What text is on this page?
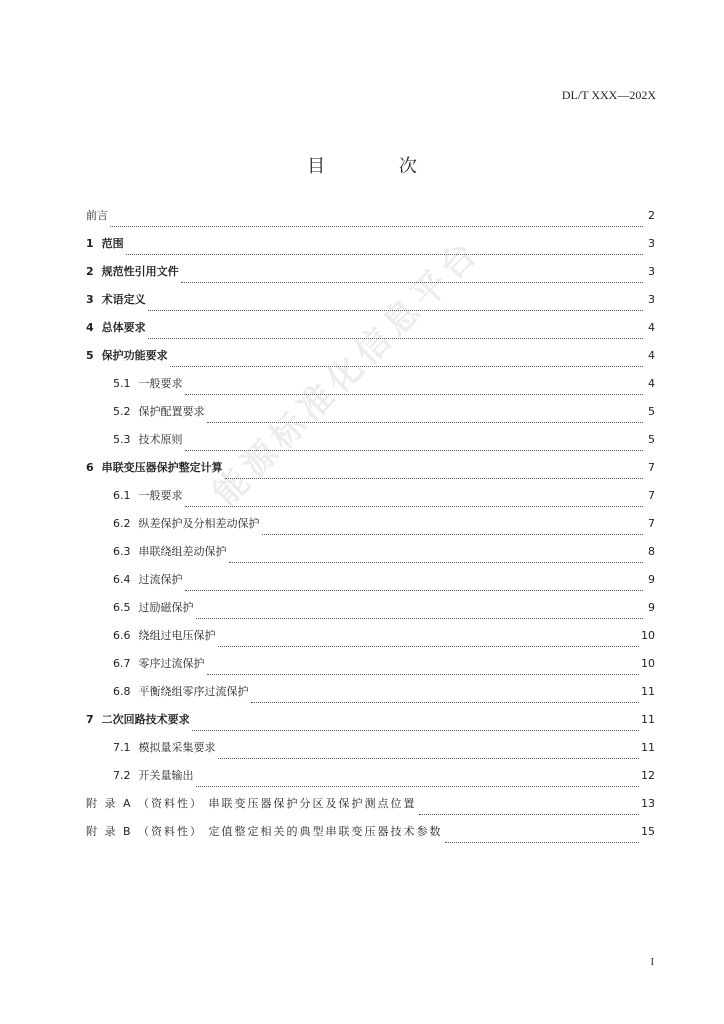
DL/T XXX—202X
目 次
前言	2
1 范围	3
2 规范性引用文件	3
3 术语定义	3
4 总体要求	4
5 保护功能要求	4
5.1 一般要求	4
5.2 保护配置要求	5
5.3 技术原则	5
6 串联变压器保护整定计算	7
6.1 一般要求	7
6.2 纵差保护及分相差动保护	7
6.3 串联绕组差动保护	8
6.4 过流保护	9
6.5 过励磁保护	9
6.6 绕组过电压保护	10
6.7 零序过流保护	10
6.8 平衡绕组零序过流保护	11
7 二次回路技术要求	11
7.1 模拟量采集要求	11
7.2 开关量输出	12
附 录 A （资料性） 串联变压器保护分区及保护测点位置	13
附 录 B （资料性） 定值整定相关的典型串联变压器技术参数	15
能源标准化信息平台
I
